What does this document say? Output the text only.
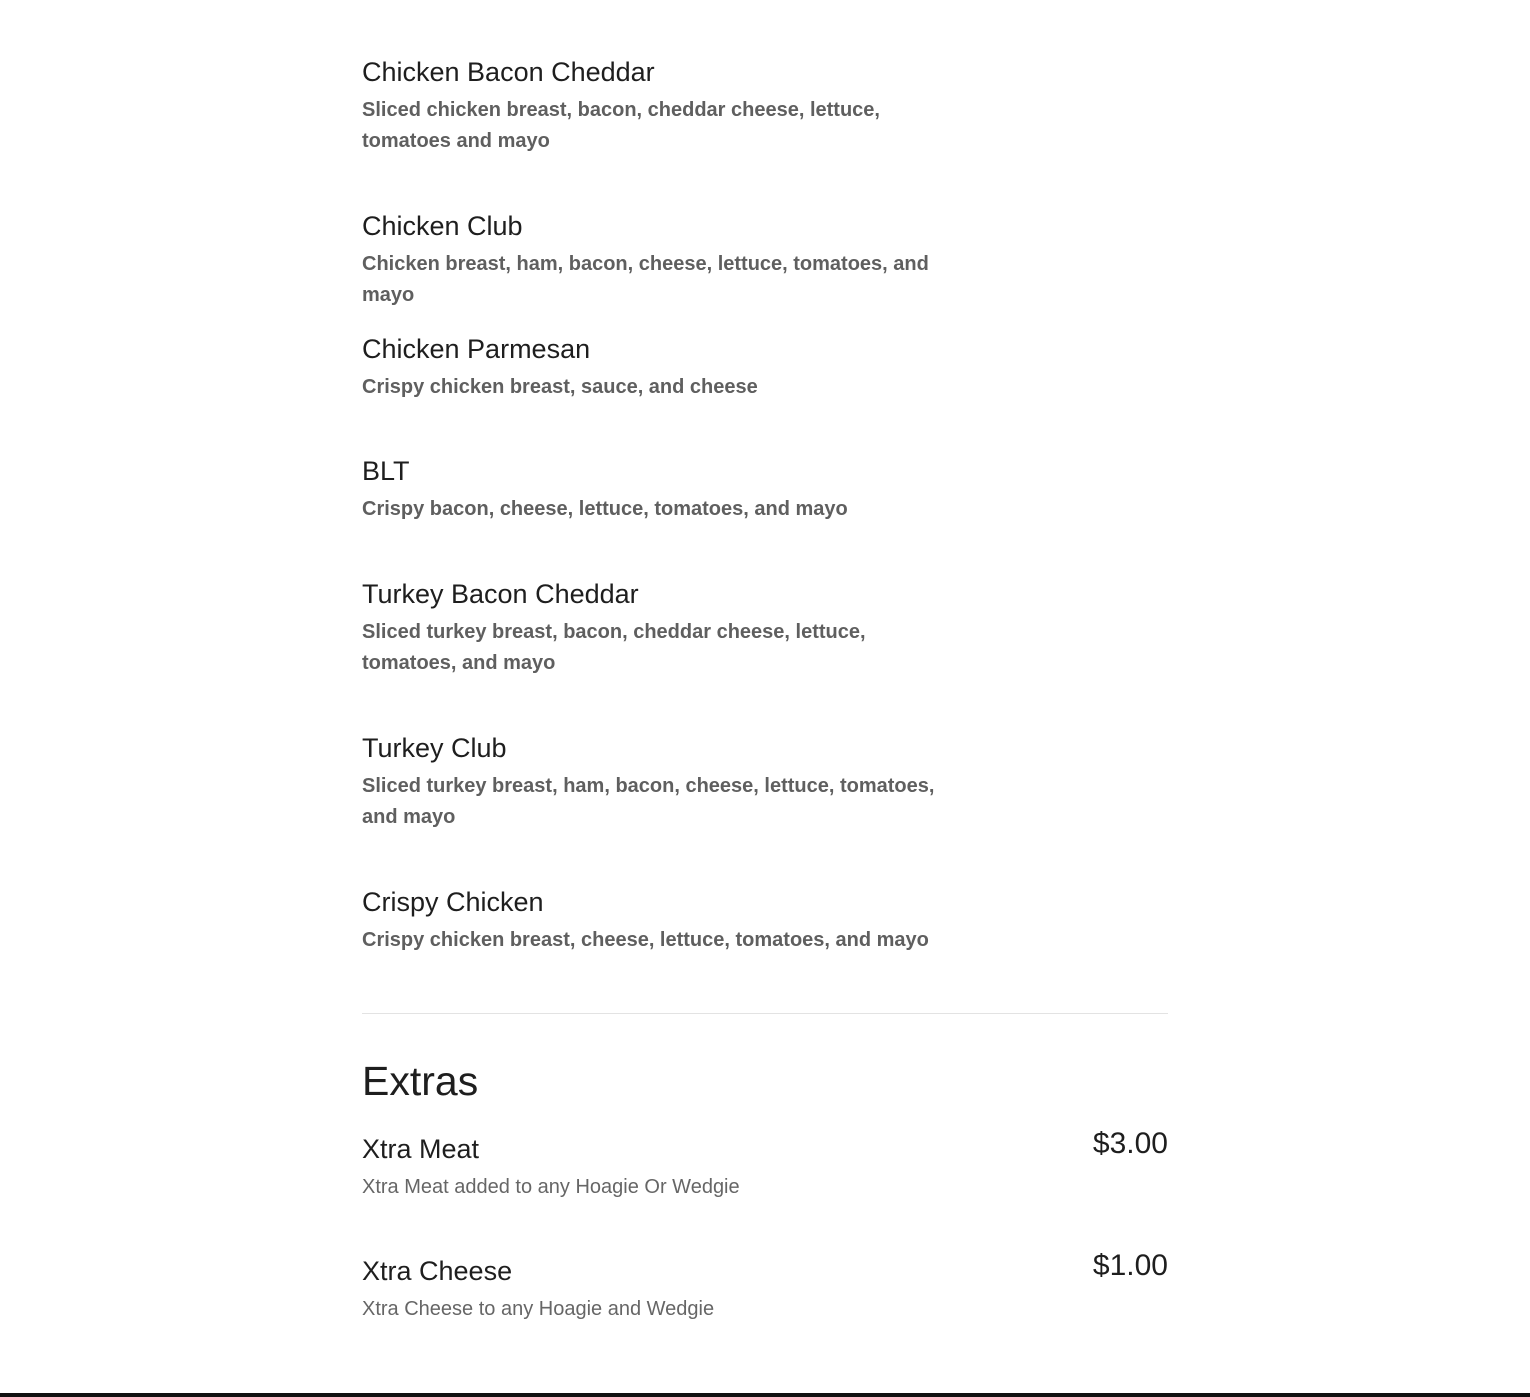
Chicken Bacon Cheddar
Sliced chicken breast, bacon, cheddar cheese, lettuce, tomatoes and mayo
Chicken Club
Chicken breast, ham, bacon, cheese, lettuce, tomatoes, and mayo
Chicken Parmesan
Crispy chicken breast, sauce, and cheese
BLT
Crispy bacon, cheese, lettuce, tomatoes, and mayo
Turkey Bacon Cheddar
Sliced turkey breast, bacon, cheddar cheese, lettuce, tomatoes, and mayo
Turkey Club
Sliced turkey breast, ham, bacon, cheese, lettuce, tomatoes, and mayo
Crispy Chicken
Crispy chicken breast, cheese, lettuce, tomatoes, and mayo
Extras
Xtra Meat	$3.00
Xtra Meat added to any Hoagie Or Wedgie
Xtra Cheese	$1.00
Xtra Cheese to any Hoagie and Wedgie
